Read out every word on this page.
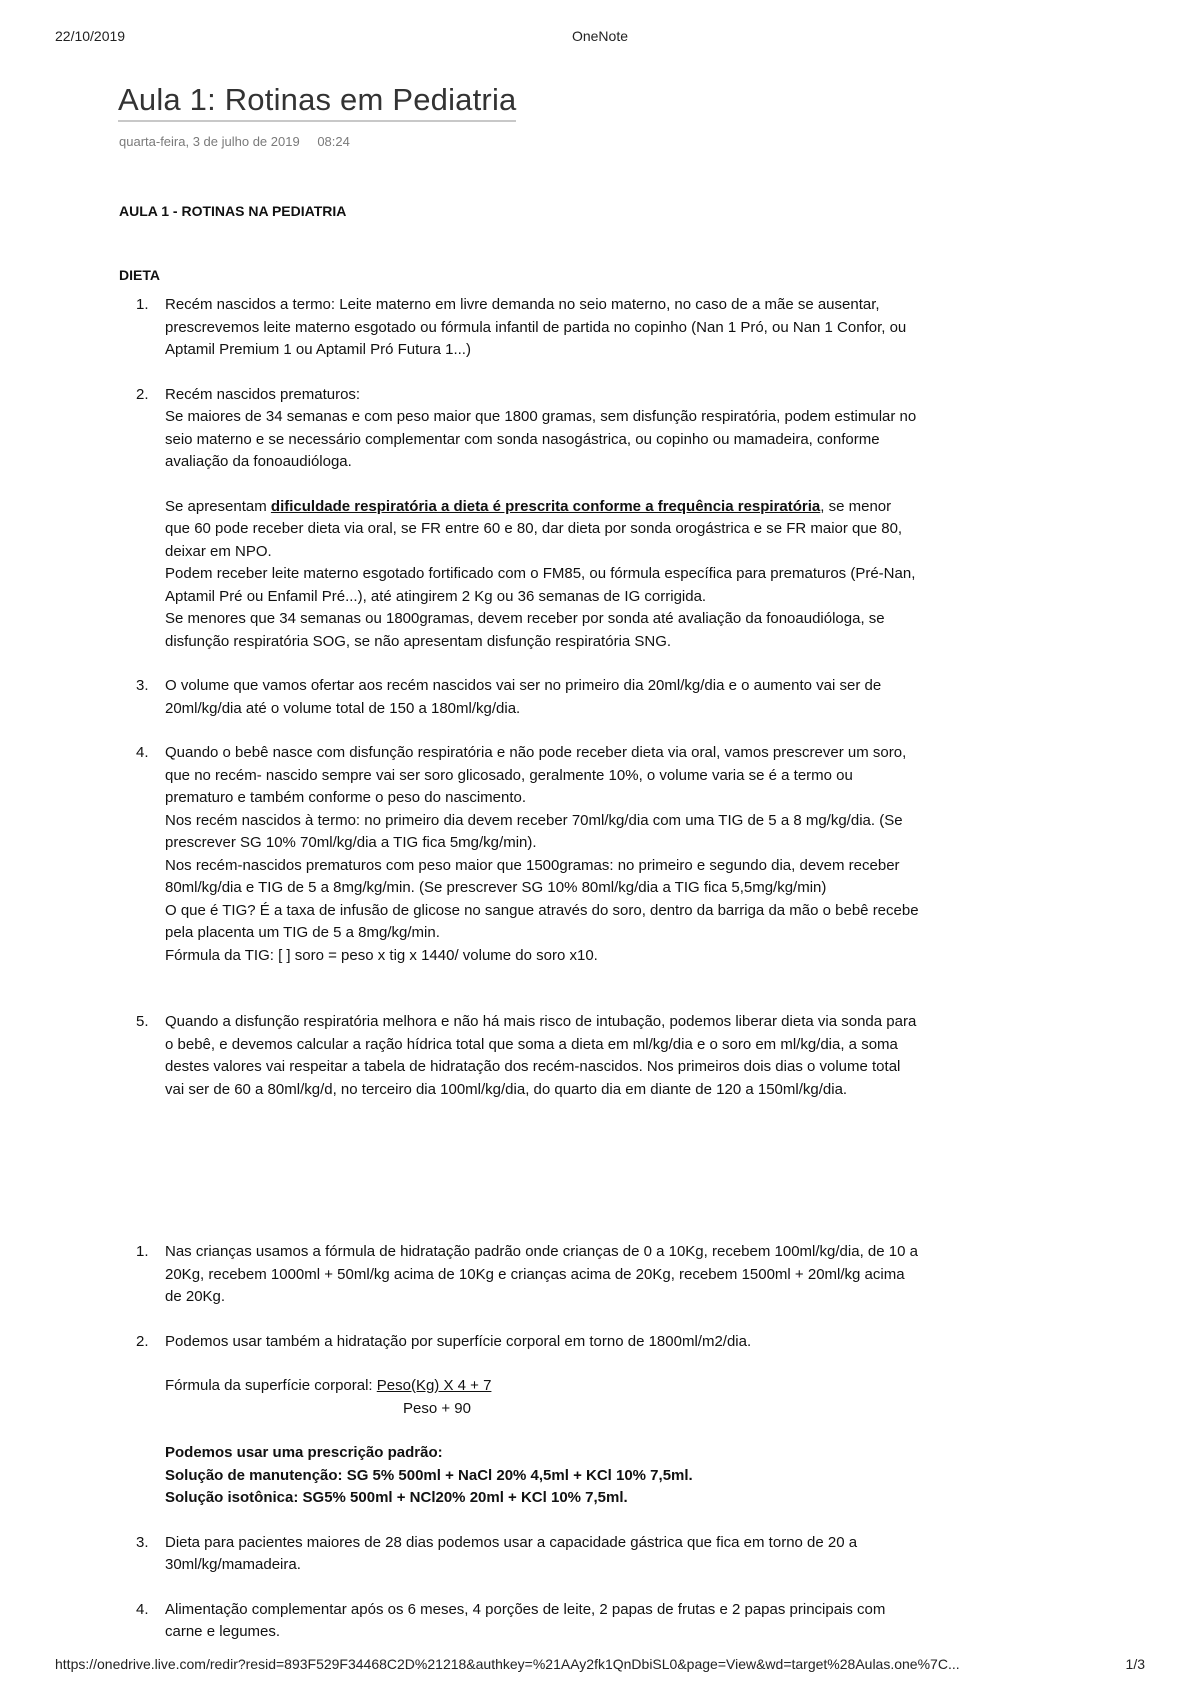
22/10/2019	OneNote
Aula 1: Rotinas em Pediatria
quarta-feira, 3 de julho de 2019 08:24

AULA 1 - ROTINAS NA PEDIATRIA

DIETA

1. Recém nascidos a termo: Leite materno em livre demanda no seio materno, no caso de a mãe se ausentar, prescrevemos leite materno esgotado ou fórmula infantil de partida no copinho (Nan 1 Pró, ou Nan 1 Confor, ou Aptamil Premium 1 ou Aptamil Pró Futura 1...)

2. Recém nascidos prematuros:

Se maiores de 34 semanas e com peso maior que 1800 gramas, sem disfunção respiratória, podem estimular no seio materno e se necessário complementar com sonda nasogástrica, ou copinho ou mamadeira, conforme avaliação da fonoaudióloga.

Se apresentam dificuldade respiratória a dieta é prescrita conforme a frequência respiratória, se menor que 60 pode receber dieta via oral, se FR entre 60 e 80, dar dieta por sonda orogástrica e se FR maior que 80, deixar em NPO.

Podem receber leite materno esgotado fortificado com o FM85, ou fórmula específica para prematuros (Pré-Nan, Aptamil Pré ou Enfamil Pré...), até atingirem 2 Kg ou 36 semanas de IG corrigida.

Se menores que 34 semanas ou 1800gramas, devem receber por sonda até avaliação da fonoaudióloga, se disfunção respiratória SOG, se não apresentam disfunção respiratória SNG.

3. O volume que vamos ofertar aos recém nascidos vai ser no primeiro dia 20ml/kg/dia e o aumento vai ser de 20ml/kg/dia até o volume total de 150 a 180ml/kg/dia.

4. Quando o bebê nasce com disfunção respiratória e não pode receber dieta via oral, vamos prescrever um soro, que no recém- nascido sempre vai ser soro glicosado, geralmente 10%, o volume varia se é a termo ou prematuro e também conforme o peso do nascimento.

Nos recém nascidos à termo: no primeiro dia devem receber 70ml/kg/dia com uma TIG de 5 a 8 mg/kg/dia. (Se prescrever SG 10% 70ml/kg/dia a TIG fica 5mg/kg/min).

Nos recém-nascidos prematuros com peso maior que 1500gramas: no primeiro e segundo dia, devem receber 80ml/kg/dia e TIG de 5 a 8mg/kg/min. (Se prescrever SG 10% 80ml/kg/dia a TIG fica 5,5mg/kg/min)

O que é TIG? É a taxa de infusão de glicose no sangue através do soro, dentro da barriga da mão o bebê recebe pela placenta um TIG de 5 a 8mg/kg/min.

Fórmula da TIG: [ ] soro = peso x tig x 1440/ volume do soro x10.

5. Quando a disfunção respiratória melhora e não há mais risco de intubação, podemos liberar dieta via sonda para o bebê, e devemos calcular a ração hídrica total que soma a dieta em ml/kg/dia e o soro em ml/kg/dia, a soma destes valores vai respeitar a tabela de hidratação dos recém-nascidos. Nos primeiros dois dias o volume total vai ser de 60 a 80ml/kg/d, no terceiro dia 100ml/kg/dia, do quarto dia em diante de 120 a 150ml/kg/dia.

1. Nas crianças usamos a fórmula de hidratação padrão onde crianças de 0 a 10Kg, recebem 100ml/kg/dia, de 10 a 20Kg, recebem 1000ml + 50ml/kg acima de 10Kg e crianças acima de 20Kg, recebem 1500ml + 20ml/kg acima de 20Kg.

2. Podemos usar também a hidratação por superfície corporal em torno de 1800ml/m2/dia.

Fórmula da superfície corporal: Peso(Kg) X 4 + 7

Peso + 90

Podemos usar uma prescrição padrão:

Solução de manutenção: SG 5% 500ml + NaCl 20% 4,5ml + KCl 10% 7,5ml.

Solução isotônica: SG5% 500ml + NCl20% 20ml + KCl 10% 7,5ml.

3. Dieta para pacientes maiores de 28 dias podemos usar a capacidade gástrica que fica em torno de 20 a 30ml/kg/mamadeira.

4. Alimentação complementar após os 6 meses, 4 porções de leite, 2 papas de frutas e 2 papas principais com carne e legumes.

https://onedrive.live.com/redir?resid=893F529F34468C2D%21218&authkey=%21AAy2fk1QnDbiSL0&page=View&wd=target%28Aulas.one%7C...	1/3
